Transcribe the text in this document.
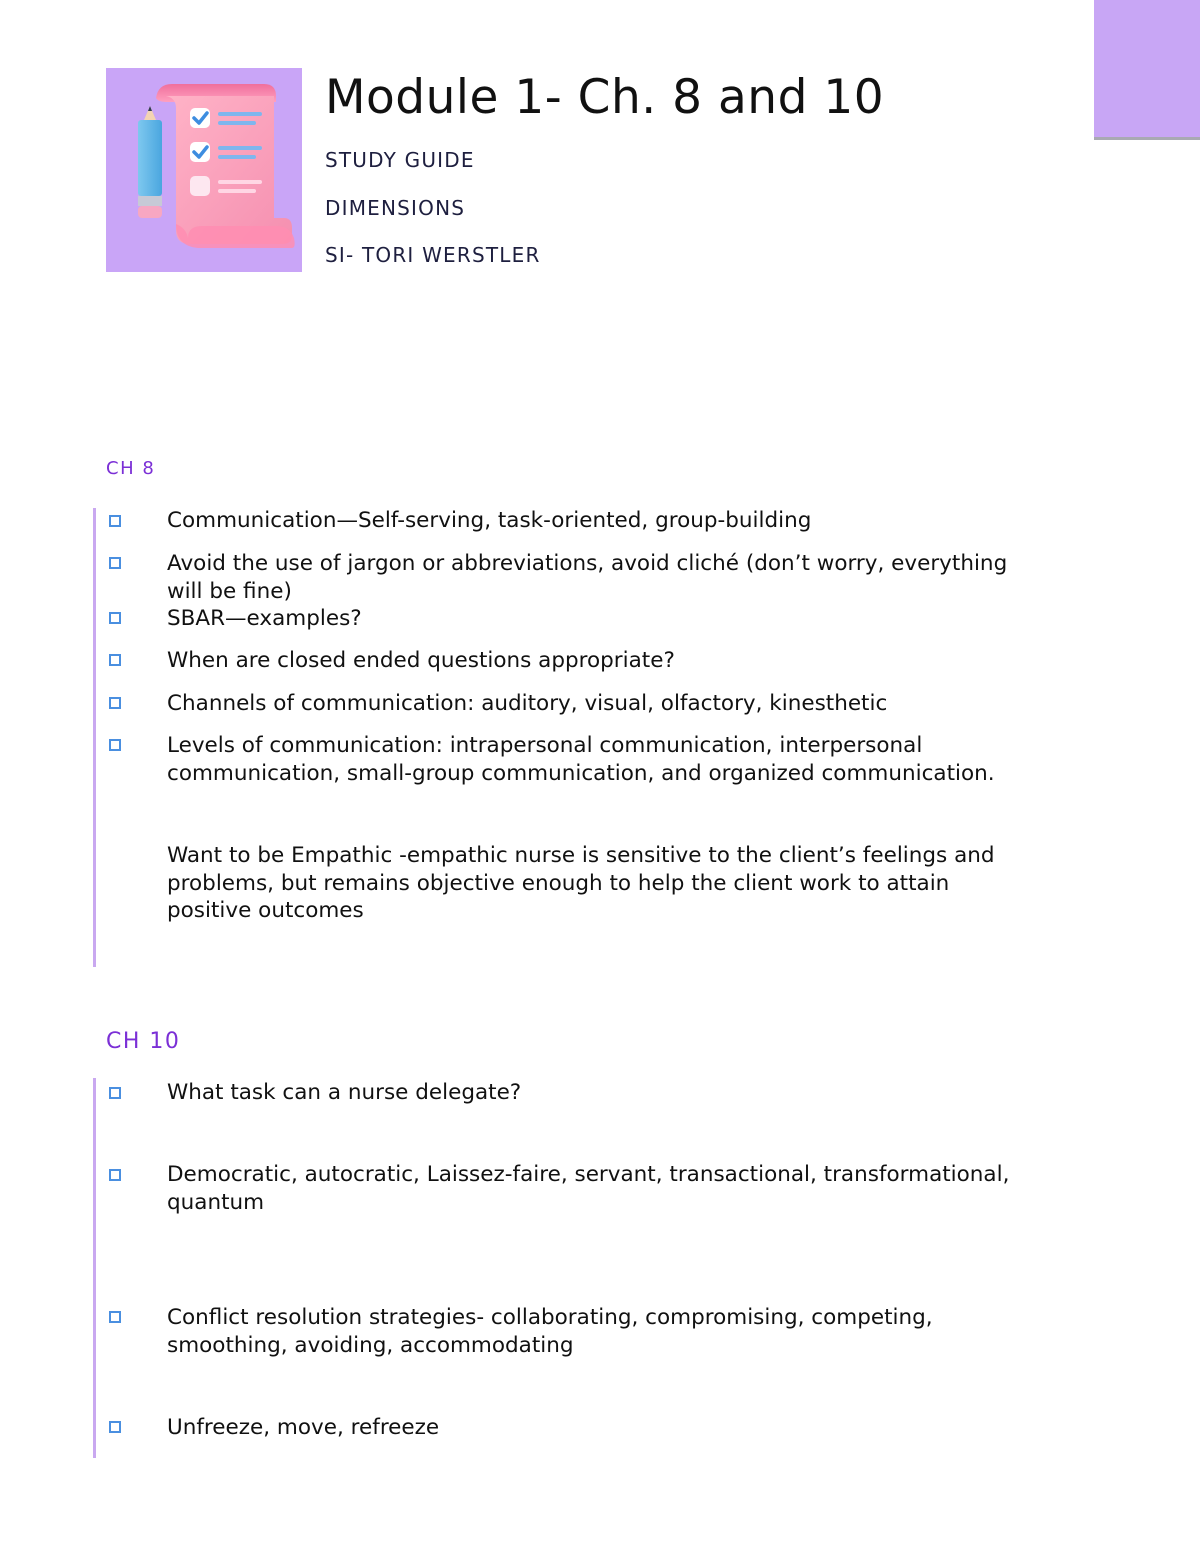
Module 1- Ch. 8 and 10
STUDY GUIDE
DIMENSIONS
SI- TORI WERSTLER
CH 8
Communication—Self-serving, task-oriented, group-building
Avoid the use of jargon or abbreviations, avoid cliché (don’t worry, everything will be fine)
SBAR—examples?
When are closed ended questions appropriate?
Channels of communication: auditory, visual, olfactory, kinesthetic
Levels of communication: intrapersonal communication, interpersonal communication, small-group communication, and organized communication.
Want to be Empathic -empathic nurse is sensitive to the client’s feelings and problems, but remains objective enough to help the client work to attain positive outcomes
CH 10
What task can a nurse delegate?
Democratic, autocratic, Laissez-faire, servant, transactional, transformational, quantum
Conflict resolution strategies- collaborating, compromising, competing, smoothing, avoiding, accommodating
Unfreeze, move, refreeze
